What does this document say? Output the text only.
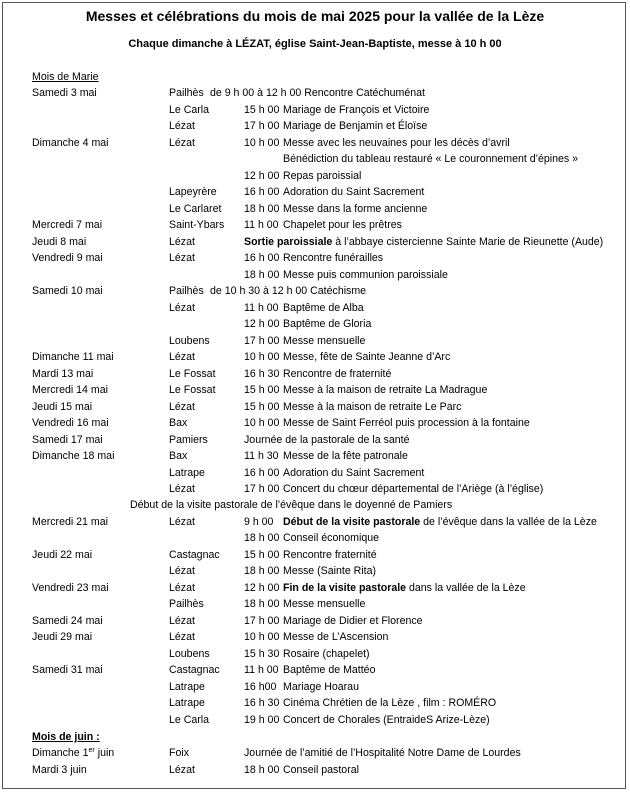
Messes et célébrations du mois de mai 2025 pour la vallée de la Lèze
Chaque dimanche à LÉZAT, église Saint-Jean-Baptiste, messe à 10 h 00
Mois de Marie
Samedi 3 mai	Pailhès de 9 h 00 à 12 h 00 Rencontre Catéchuménat
Le Carla	15 h 00 Mariage de François et Victoire
Lézat	17 h 00 Mariage de Benjamin et Éloïse
Dimanche 4 mai	Lézat	10 h 00 Messe avec les neuvaines pour les décès d’avril
Bénédiction du tableau restauré « Le couronnement d’épines »
12 h 00 Repas paroissial
Lapeyrère	16 h 00 Adoration du Saint Sacrement
Le Carlaret 18 h 00 Messe dans la forme ancienne
Mercredi 7 mai	Saint-Ybars 11 h 00 Chapelet pour les prêtres
Jeudi 8 mai	Lézat	Sortie paroissiale à l’abbaye cistercienne Sainte Marie de Rieunette (Aude)
Vendredi 9 mai	Lézat	16 h 00 Rencontre funérailles
18 h 00 Messe puis communion paroissiale
Samedi 10 mai	Pailhès de 10 h 30 à 12 h 00 Catéchisme
Lézat	11 h 00 Baptême de Alba
12 h 00 Baptême de Gloria
Loubens	17 h 00 Messe mensuelle
Dimanche 11 mai	Lézat	10 h 00 Messe, fête de Sainte Jeanne d’Arc
Mardi 13 mai	Le Fossat	16 h 30 Rencontre de fraternité
Mercredi 14 mai	Le Fossat	15 h 00 Messe à la maison de retraite La Madrague
Jeudi 15 mai	Lézat	15 h 00 Messe à la maison de retraite Le Parc
Vendredi 16 mai	Bax	10 h 00 Messe de Saint Ferréol puis procession à la fontaine
Samedi 17 mai	Pamiers	Journée de la pastorale de la santé
Dimanche 18 mai	Bax	11 h 30 Messe de la fête patronale
Latrape	16 h 00 Adoration du Saint Sacrement
Lézat	17 h 00 Concert du chœur départemental de l’Ariège (à l’église)
Début de la visite pastorale de l’évêque dans le doyenné de Pamiers
Mercredi 21 mai	Lézat	9 h 00 Début de la visite pastorale de l’évêque dans la vallée de la Lèze
18 h 00 Conseil économique
Jeudi 22 mai	Castagnac 15 h 00 Rencontre fraternité
Lézat	18 h 00 Messe (Sainte Rita)
Vendredi 23 mai	Lézat	12 h 00 Fin de la visite pastorale dans la vallée de la Lèze
Pailhès	18 h 00 Messe mensuelle
Samedi 24 mai	Lézat	17 h 00 Mariage de Didier et Florence
Jeudi 29 mai	Lézat	10 h 00 Messe de L’Ascension
Loubens	15 h 30 Rosaire (chapelet)
Samedi 31 mai	Castagnac 11 h 00 Baptême de Mattéo
Latrape	16 h00 Mariage Hoarau
Latrape	16 h 30 Cinéma Chrétien de la Lèze , film : ROMÉRO
Le Carla	19 h 00 Concert de Chorales (EntraideS Arize-Lèze)
Mois de juin :
Dimanche 1er juin	Foix	Journée de l’amitié de l’Hospitalité Notre Dame de Lourdes
Mardi 3 juin	Lézat	18 h 00 Conseil pastoral
